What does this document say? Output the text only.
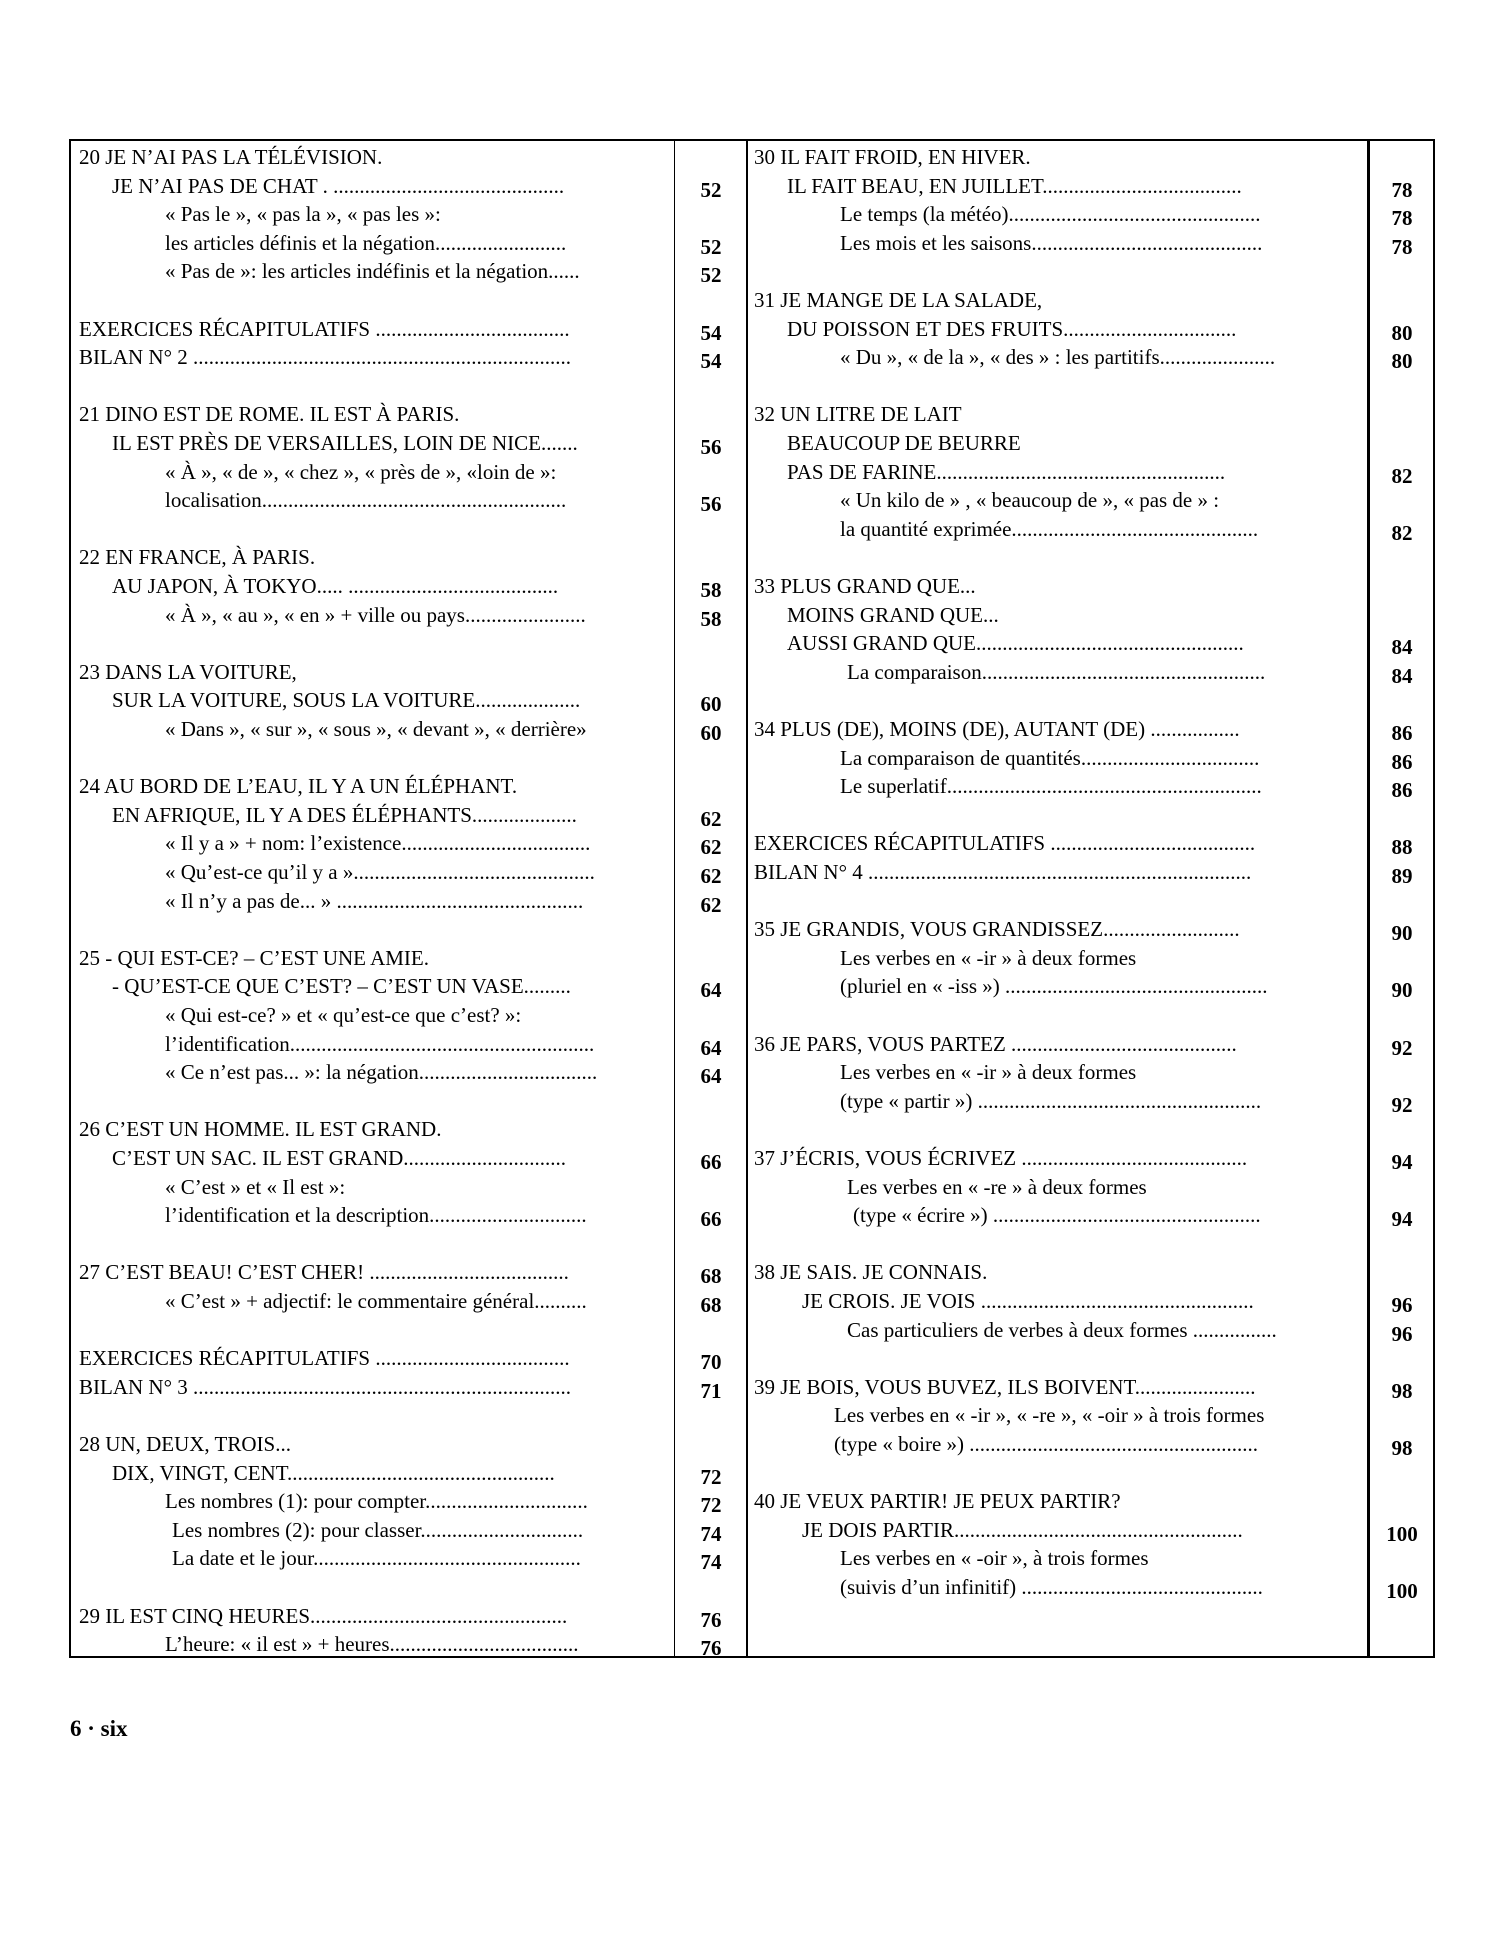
20 JE N’AI PAS LA TÉLÉVISION.
JE N’AI PAS DE CHAT . ............................................	52
« Pas le », « pas la », « pas les »:
les articles définis et la négation.........................	52
« Pas de »: les articles indéfinis et la négation......	52
EXERCICES RÉCAPITULATIFS .....................................	54
BILAN N° 2 ........................................................................	54
21 DINO EST DE ROME. IL EST À PARIS.
IL EST PRÈS DE VERSAILLES, LOIN DE NICE.......	56
« À », « de », « chez », « près de », «loin de »:
localisation..........................................................	56
22 EN FRANCE, À PARIS.
AU JAPON, À TOKYO..... ........................................	58
« À », « au », « en » + ville ou pays.......................	58
23 DANS LA VOITURE,
SUR LA VOITURE, SOUS LA VOITURE....................	60
« Dans », « sur », « sous », « devant », « derrière»	60
24 AU BORD DE L’EAU, IL Y A UN ÉLÉPHANT.
EN AFRIQUE, IL Y A DES ÉLÉPHANTS....................	62
« Il y a » + nom: l’existence....................................	62
« Qu’est-ce qu’il y a »..............................................	62
« Il n’y a pas de... » ...............................................	62
25 - QUI EST-CE? – C’EST UNE AMIE.
- QU’EST-CE QUE C’EST? – C’EST UN VASE.........	64
« Qui est-ce? » et « qu’est-ce que c’est? »:
l’identification..........................................................	64
« Ce n’est pas... »: la négation..................................	64
26 C’EST UN HOMME. IL EST GRAND.
C’EST UN SAC. IL EST GRAND...............................	66
« C’est » et « Il est »:
l’identification et la description..............................	66
27 C’EST BEAU! C’EST CHER! ......................................	68
« C’est » + adjectif: le commentaire général..........	68
EXERCICES RÉCAPITULATIFS .....................................	70
BILAN N° 3 ........................................................................	71
28 UN, DEUX, TROIS...
DIX, VINGT, CENT...................................................	72
Les nombres (1): pour compter...............................	72
Les nombres (2): pour classer...............................	74
La date et le jour...................................................	74
29 IL EST CINQ HEURES.................................................	76
L’heure: « il est » + heures....................................	76
30 IL FAIT FROID, EN HIVER.
IL FAIT BEAU, EN JUILLET......................................	78
Le temps (la météo)................................................	78
Les mois et les saisons............................................	78
31 JE MANGE DE LA SALADE,
DU POISSON ET DES FRUITS.................................	80
« Du », « de la », « des » : les partitifs......................	80
32 UN LITRE DE LAIT
BEAUCOUP DE BEURRE
PAS DE FARINE.......................................................	82
« Un kilo de » , « beaucoup de », « pas de » :
la quantité exprimée...............................................	82
33 PLUS GRAND QUE...
MOINS GRAND QUE...
AUSSI GRAND QUE...................................................	84
La comparaison......................................................	84
34 PLUS (DE), MOINS (DE), AUTANT (DE) .................	86
La comparaison de quantités..................................	86
Le superlatif............................................................	86
EXERCICES RÉCAPITULATIFS .......................................	88
BILAN N° 4 .........................................................................	89
35 JE GRANDIS, VOUS GRANDISSEZ..........................	90
Les verbes en « -ir » à deux formes
(pluriel en « -iss ») ..................................................	90
36 JE PARS, VOUS PARTEZ ...........................................	92
Les verbes en « -ir » à deux formes
(type « partir ») ......................................................	92
37 J’ÉCRIS, VOUS ÉCRIVEZ ...........................................	94
Les verbes en « -re » à deux formes
(type « écrire ») ...................................................	94
38 JE SAIS. JE CONNAIS.
JE CROIS. JE VOIS ....................................................	96
Cas particuliers de verbes à deux formes ................	96
39 JE BOIS, VOUS BUVEZ, ILS BOIVENT.......................	98
Les verbes en « -ir », « -re », « -oir » à trois formes
(type « boire ») .......................................................	98
40 JE VEUX PARTIR! JE PEUX PARTIR?
JE DOIS PARTIR.......................................................	100
Les verbes en « -oir », à trois formes
(suivis d’un infinitif) ..............................................	100
6 · six
